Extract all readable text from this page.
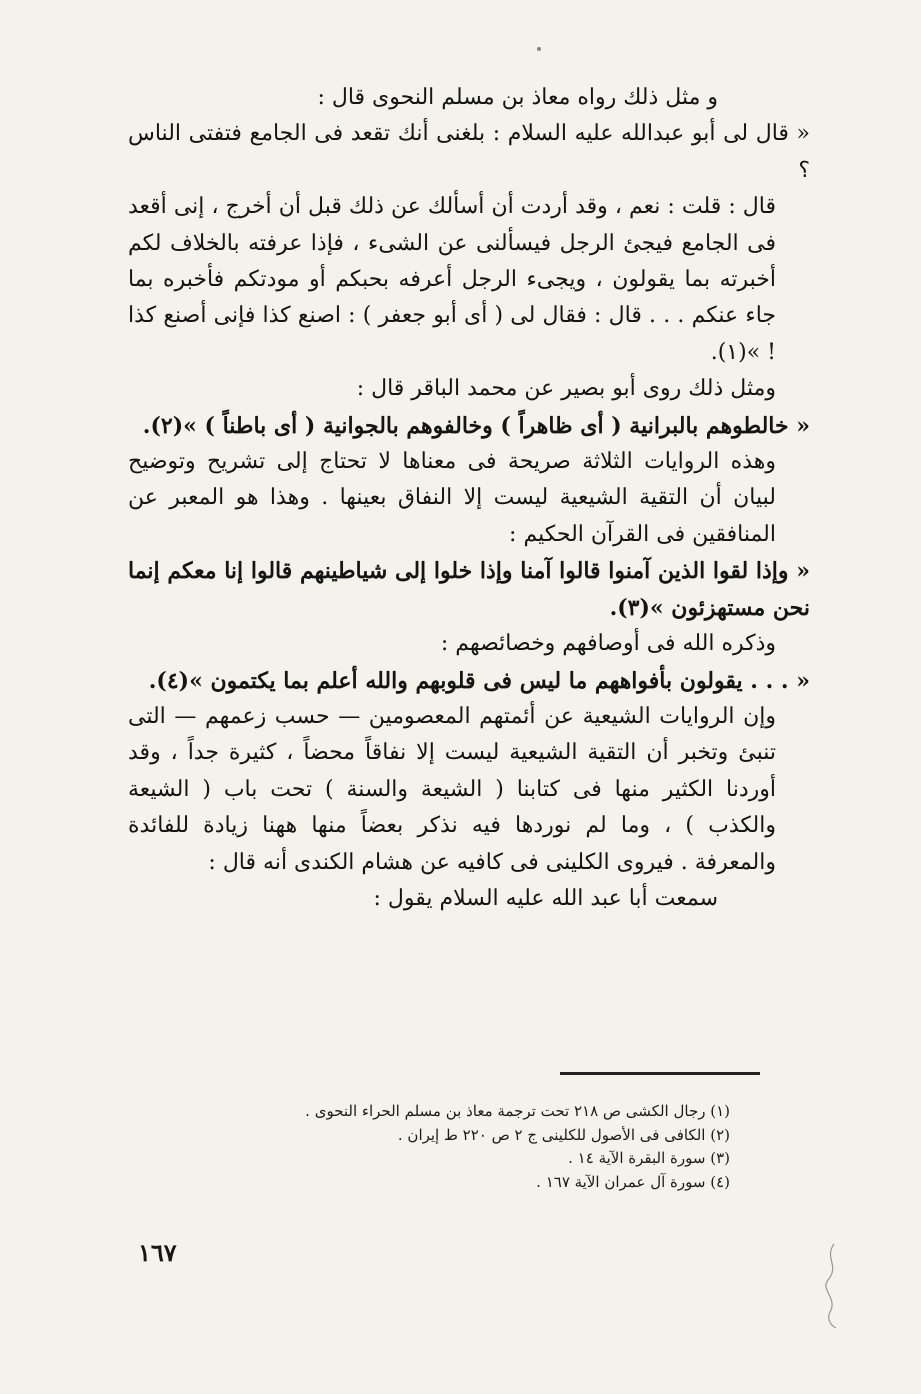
و مثل ذلك رواه معاذ بن مسلم النحوى قال :

« قال لى أبو عبدالله عليه السلام : بلغنى أنك تقعد فى الجامع فتفتى الناس ؟

قال : قلت : نعم ، وقد أردت أن أسألك عن ذلك قبل أن أخرج ، إنى أقعد فى الجامع فيجئ الرجل فيسألنى عن الشىء ، فإذا عرفته بالخلاف لكم أخبرته بما يقولون ، ويجىء الرجل أعرفه بحبكم أو مودتكم فأخبره بما جاء عنكم . . . قال : فقال لى ( أى أبو جعفر ) : اصنع كذا فإنى أصنع كذا ! »(١).

ومثل ذلك روى أبو بصير عن محمد الباقر قال :

« خالطوهم بالبرانية ( أى ظاهراً ) وخالفوهم بالجوانية ( أى باطناً ) »(٢).

وهذه الروايات الثلاثة صريحة فى معناها لا تحتاج إلى تشريح وتوضيح لبيان أن التقية الشيعية ليست إلا النفاق بعينها . وهذا هو المعبر عن المنافقين فى القرآن الحكيم :

« وإذا لقوا الذين آمنوا قالوا آمنا وإذا خلوا إلى شياطينهم قالوا إنا معكم إنما نحن مستهزئون »(٣).

وذكره الله فى أوصافهم وخصائصهم :

« . . . يقولون بأفواههم ما ليس فى قلوبهم والله أعلم بما يكتمون »(٤).

وإن الروايات الشيعية عن أئمتهم المعصومين — حسب زعمهم — التى تنبئ وتخبر أن التقية الشيعية ليست إلا نفاقاً محضاً ، كثيرة جداً ، وقد أوردنا الكثير منها فى كتابنا ( الشيعة والسنة ) تحت باب ( الشيعة والكذب ) ، وما لم نوردها فيه نذكر بعضاً منها ههنا زيادة للفائدة والمعرفة . فيروى الكلينى فى كافيه عن هشام الكندى أنه قال :

سمعت أبا عبد الله عليه السلام يقول :

(١) رجال الكشى ص ٢١٨ تحت ترجمة معاذ بن مسلم الحراء النحوى .
(٢) الكافى فى الأصول للكلينى ج ٢ ص ٢٢٠ ط إيران .
(٣) سورة البقرة الآية ١٤ .
(٤) سورة آل عمران الآية ١٦٧ .
١٦٧
